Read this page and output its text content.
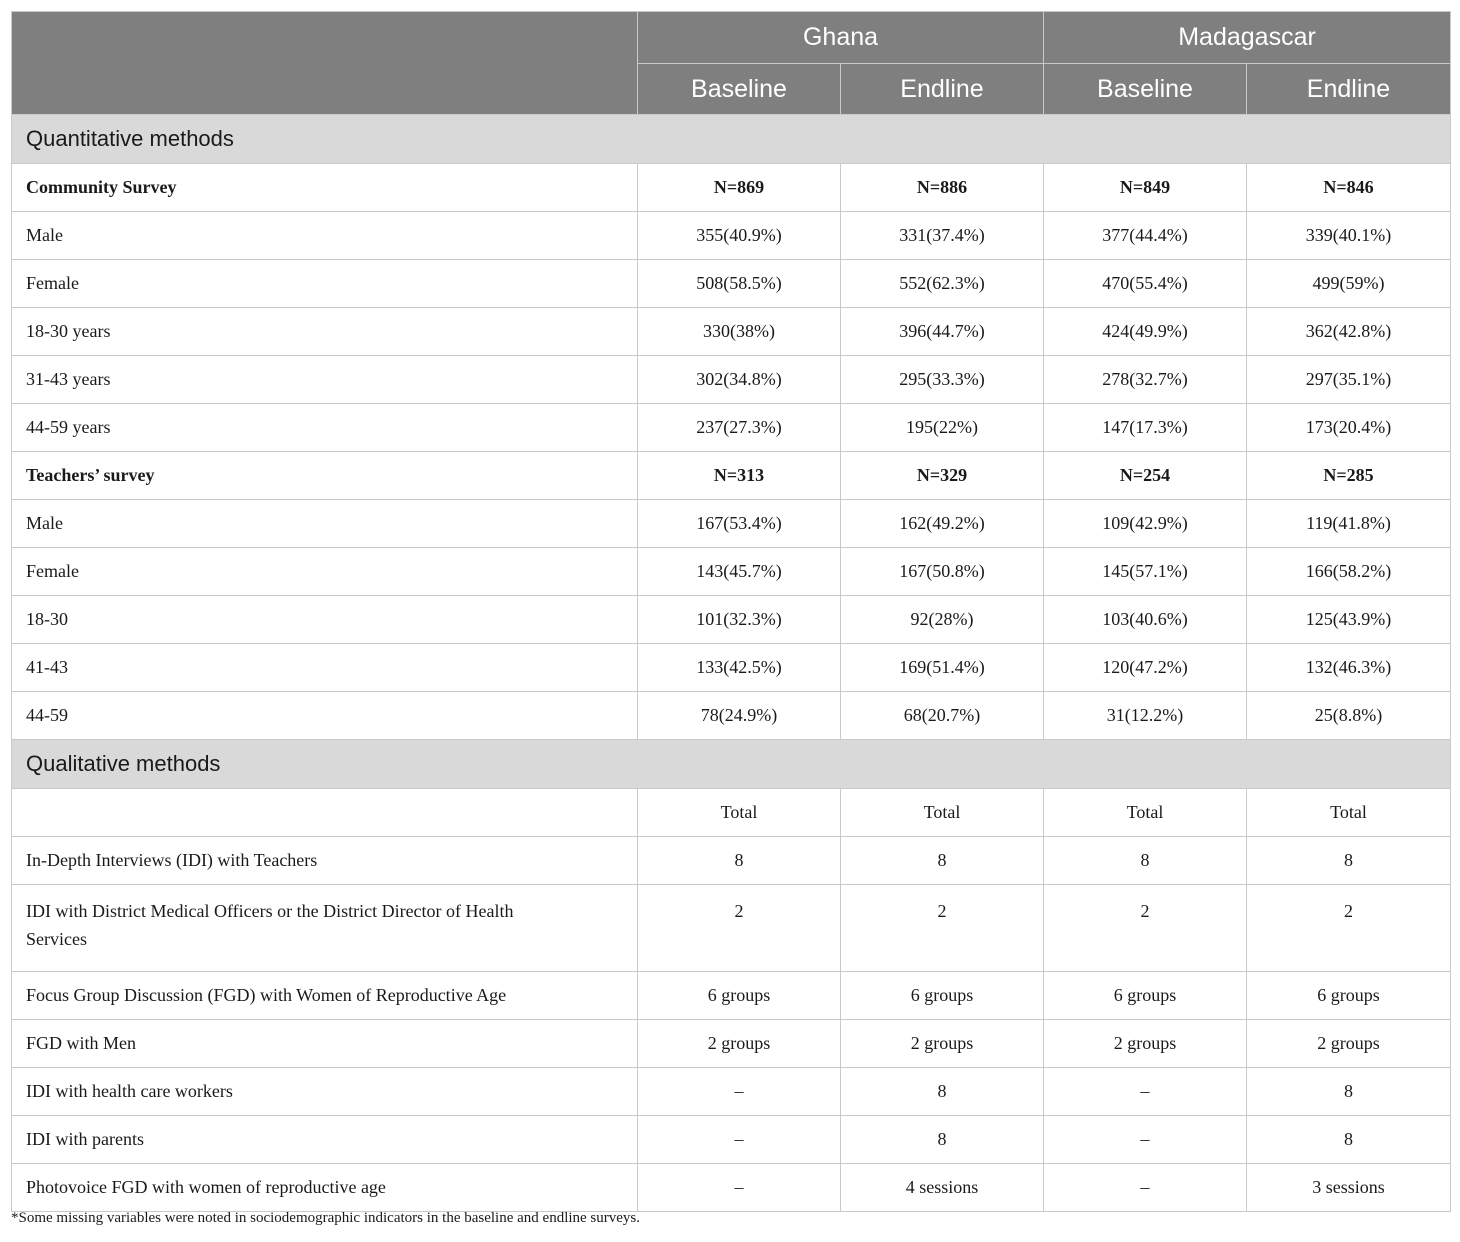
	Ghana		Madagascar	
	Baseline	Endline	Baseline	Endline
Quantitative methods				
Community Survey	N=869	N=886	N=849	N=846
Male	355(40.9%)	331(37.4%)	377(44.4%)	339(40.1%)
Female	508(58.5%)	552(62.3%)	470(55.4%)	499(59%)
18-30 years	330(38%)	396(44.7%)	424(49.9%)	362(42.8%)
31-43 years	302(34.8%)	295(33.3%)	278(32.7%)	297(35.1%)
44-59 years	237(27.3%)	195(22%)	147(17.3%)	173(20.4%)
Teachers’ survey	N=313	N=329	N=254	N=285
Male	167(53.4%)	162(49.2%)	109(42.9%)	119(41.8%)
Female	143(45.7%)	167(50.8%)	145(57.1%)	166(58.2%)
18-30	101(32.3%)	92(28%)	103(40.6%)	125(43.9%)
41-43	133(42.5%)	169(51.4%)	120(47.2%)	132(46.3%)
44-59	78(24.9%)	68(20.7%)	31(12.2%)	25(8.8%)
Qualitative methods				
	Total	Total	Total	Total
In-Depth Interviews (IDI) with Teachers	8	8	8	8
IDI with District Medical Officers or the District Director of Health Services	2	2	2	2
Focus Group Discussion (FGD) with Women of Reproductive Age	6 groups	6 groups	6 groups	6 groups
FGD with Men	2 groups	2 groups	2 groups	2 groups
IDI with health care workers	–	8	–	8
IDI with parents	–	8	–	8
Photovoice FGD with women of reproductive age	–	4 sessions	–	3 sessions
*Some missing variables were noted in sociodemographic indicators in the baseline and endline surveys.
